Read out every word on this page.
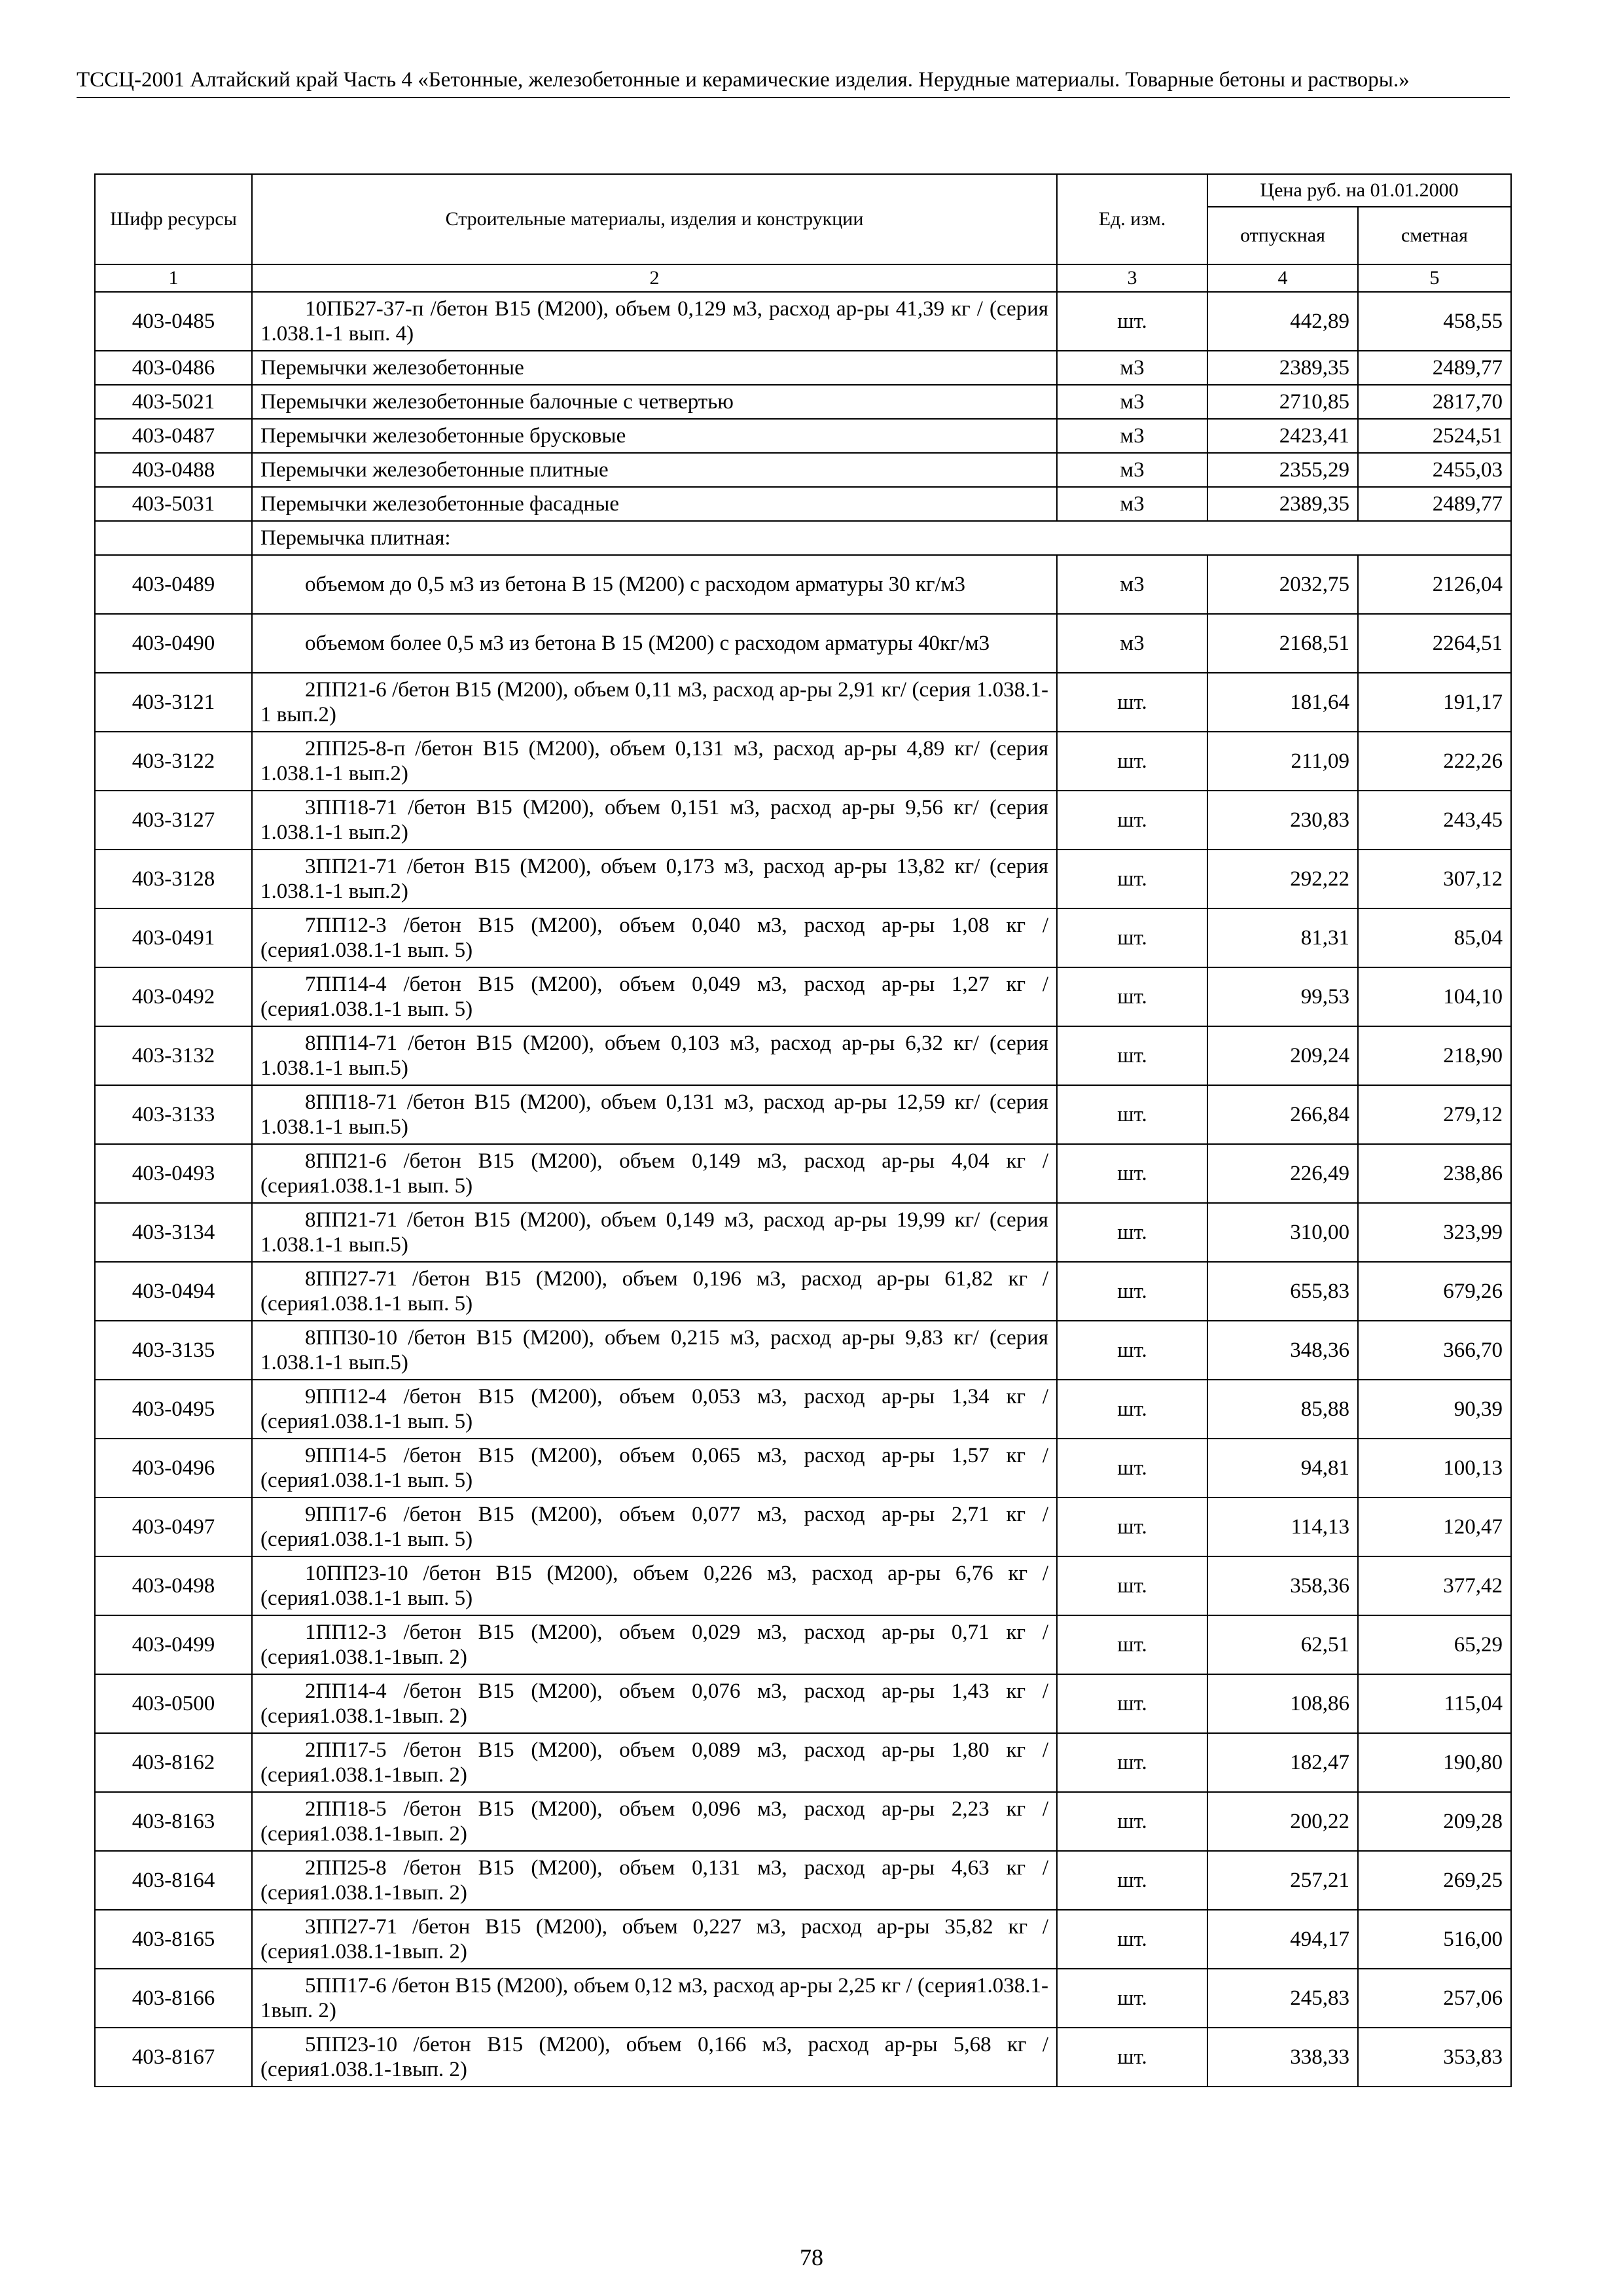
ТССЦ-2001 Алтайский край Часть 4 «Бетонные, железобетонные и керамические изделия. Нерудные материалы. Товарные бетоны и растворы.»
Шифр ресурсы	Строительные материалы, изделия и конструкции	Ед. изм.	Цена руб. на 01.01.2000	
			отпускная	сметная
1	2	3	4	5
403-0485	10ПБ27-37-п /бетон В15 (М200), объем 0,129 м3, расход ар-ры 41,39 кг / (серия 1.038.1-1 вып. 4)	шт.	442,89	458,55
403-0486	Перемычки железобетонные	м3	2389,35	2489,77
403-5021	Перемычки железобетонные балочные с четвертью	м3	2710,85	2817,70
403-0487	Перемычки железобетонные брусковые	м3	2423,41	2524,51
403-0488	Перемычки железобетонные плитные	м3	2355,29	2455,03
403-5031	Перемычки железобетонные фасадные	м3	2389,35	2489,77
	Перемычка плитная:			
403-0489	объемом до 0,5 м3 из бетона В 15 (М200) с расходом арматуры 30 кг/м3	м3	2032,75	2126,04
403-0490	объемом более 0,5 м3 из бетона В 15 (М200) с расходом арматуры 40кг/м3	м3	2168,51	2264,51
403-3121	2ПП21-6 /бетон В15 (М200), объем 0,11 м3, расход ар-ры 2,91 кг/ (серия 1.038.1-1 вып.2)	шт.	181,64	191,17
403-3122	2ПП25-8-п /бетон В15 (М200), объем 0,131 м3, расход ар-ры 4,89 кг/ (серия 1.038.1-1 вып.2)	шт.	211,09	222,26
403-3127	3ПП18-71 /бетон В15 (М200), объем 0,151 м3, расход ар-ры 9,56 кг/ (серия 1.038.1-1 вып.2)	шт.	230,83	243,45
403-3128	3ПП21-71 /бетон В15 (М200), объем 0,173 м3, расход ар-ры 13,82 кг/ (серия 1.038.1-1 вып.2)	шт.	292,22	307,12
403-0491	7ПП12-3 /бетон В15 (М200), объем 0,040 м3, расход ар-ры 1,08 кг / (серия1.038.1-1 вып. 5)	шт.	81,31	85,04
403-0492	7ПП14-4 /бетон В15 (М200), объем 0,049 м3, расход ар-ры 1,27 кг / (серия1.038.1-1 вып. 5)	шт.	99,53	104,10
403-3132	8ПП14-71 /бетон В15 (М200), объем 0,103 м3, расход ар-ры 6,32 кг/ (серия 1.038.1-1 вып.5)	шт.	209,24	218,90
403-3133	8ПП18-71 /бетон В15 (М200), объем 0,131 м3, расход ар-ры 12,59 кг/ (серия 1.038.1-1 вып.5)	шт.	266,84	279,12
403-0493	8ПП21-6 /бетон В15 (М200), объем 0,149 м3, расход ар-ры 4,04 кг / (серия1.038.1-1 вып. 5)	шт.	226,49	238,86
403-3134	8ПП21-71 /бетон В15 (М200), объем 0,149 м3, расход ар-ры 19,99 кг/ (серия 1.038.1-1 вып.5)	шт.	310,00	323,99
403-0494	8ПП27-71 /бетон В15 (М200), объем 0,196 м3, расход ар-ры 61,82 кг / (серия1.038.1-1 вып. 5)	шт.	655,83	679,26
403-3135	8ПП30-10 /бетон В15 (М200), объем 0,215 м3, расход ар-ры 9,83 кг/ (серия 1.038.1-1 вып.5)	шт.	348,36	366,70
403-0495	9ПП12-4 /бетон В15 (М200), объем 0,053 м3, расход ар-ры 1,34 кг / (серия1.038.1-1 вып. 5)	шт.	85,88	90,39
403-0496	9ПП14-5 /бетон В15 (М200), объем 0,065 м3, расход ар-ры 1,57 кг / (серия1.038.1-1 вып. 5)	шт.	94,81	100,13
403-0497	9ПП17-6 /бетон В15 (М200), объем 0,077 м3, расход ар-ры 2,71 кг / (серия1.038.1-1 вып. 5)	шт.	114,13	120,47
403-0498	10ПП23-10 /бетон В15 (М200), объем 0,226 м3, расход ар-ры 6,76 кг / (серия1.038.1-1 вып. 5)	шт.	358,36	377,42
403-0499	1ПП12-3 /бетон В15 (М200), объем 0,029 м3, расход ар-ры 0,71 кг / (серия1.038.1-1вып. 2)	шт.	62,51	65,29
403-0500	2ПП14-4 /бетон В15 (М200), объем 0,076 м3, расход ар-ры 1,43 кг / (серия1.038.1-1вып. 2)	шт.	108,86	115,04
403-8162	2ПП17-5 /бетон В15 (М200), объем 0,089 м3, расход ар-ры 1,80 кг / (серия1.038.1-1вып. 2)	шт.	182,47	190,80
403-8163	2ПП18-5 /бетон В15 (М200), объем 0,096 м3, расход ар-ры 2,23 кг / (серия1.038.1-1вып. 2)	шт.	200,22	209,28
403-8164	2ПП25-8 /бетон В15 (М200), объем 0,131 м3, расход ар-ры 4,63 кг / (серия1.038.1-1вып. 2)	шт.	257,21	269,25
403-8165	3ПП27-71 /бетон В15 (М200), объем 0,227 м3, расход ар-ры 35,82 кг / (серия1.038.1-1вып. 2)	шт.	494,17	516,00
403-8166	5ПП17-6 /бетон В15 (М200), объем 0,12 м3, расход ар-ры 2,25 кг / (серия1.038.1-1вып. 2)	шт.	245,83	257,06
403-8167	5ПП23-10 /бетон В15 (М200), объем 0,166 м3, расход ар-ры 5,68 кг / (серия1.038.1-1вып. 2)	шт.	338,33	353,83
78
